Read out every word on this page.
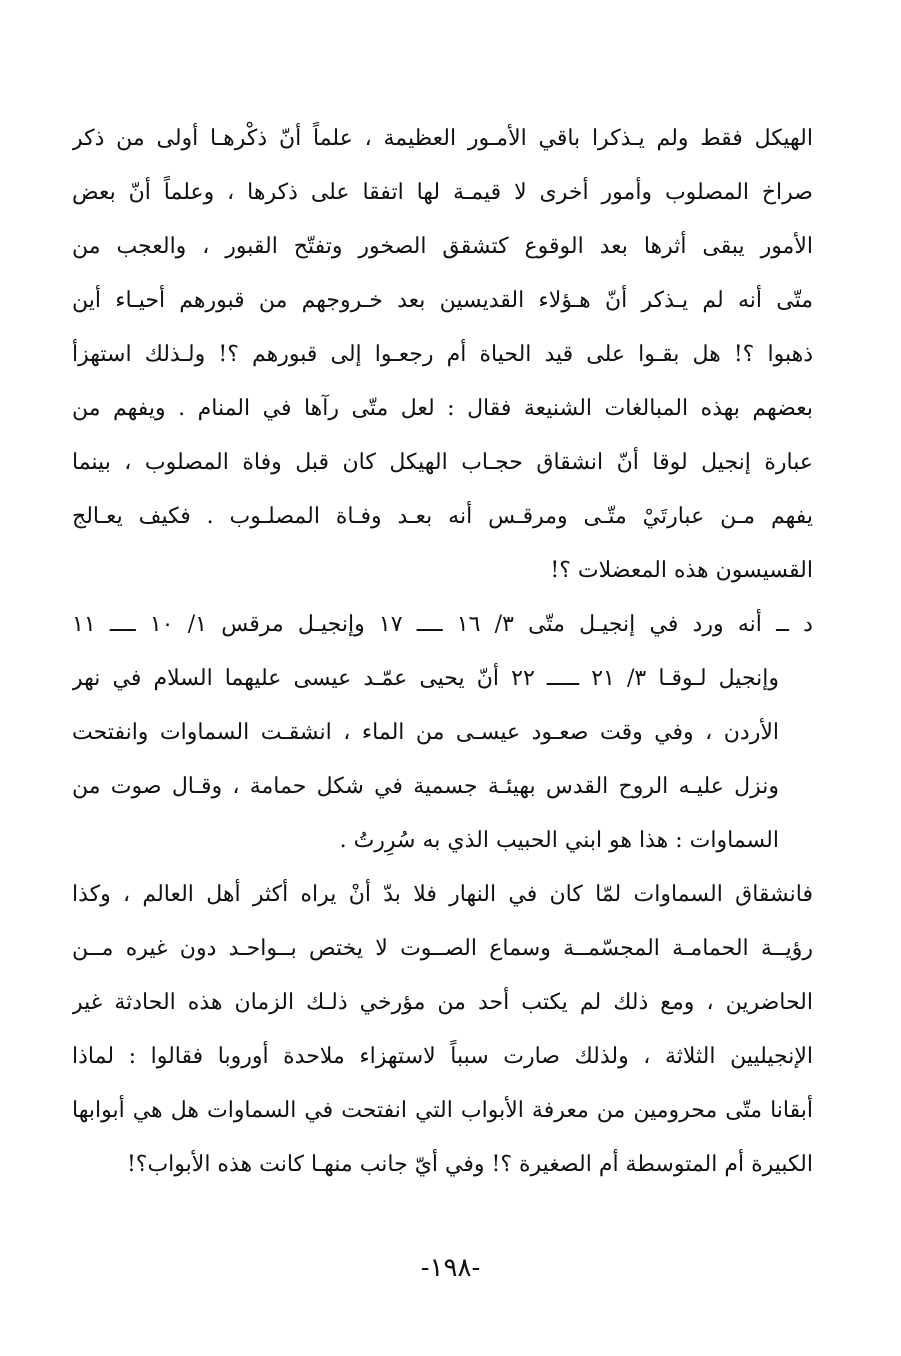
الهيكل فقط ولم يـذكرا باقي الأمـور العظيمة ، علماً أنّ ذكْرهـا أولى من ذكر
صراخ المصلوب وأمور أخرى لا قيمـة لها اتفقا على ذكرها ، وعلماً أنّ بعض
الأمور يبقى أثرها بعد الوقوع كتشقق الصخور وتفتّح القبور ، والعجب من
متّى أنه لم يـذكر أنّ هـؤلاء القديسين بعد خـروجهم من قبورهم أحيـاء أين
ذهبوا ؟! هل بقـوا على قيد الحياة أم رجعـوا إلى قبورهم ؟! ولـذلك استهزأ
بعضهم بهذه المبالغات الشنيعة فقال : لعل متّى رآها في المنام . ويفهم من
عبارة إنجيل لوقا أنّ انشقاق حجـاب الهيكل كان قبل وفاة المصلوب ، بينما
يفهم مـن عبارتَيْ متّـى ومرقـس أنه بعـد وفـاة المصلـوب . فكيف يعـالج
القسيسون هذه المعضلات ؟!
د ــ أنه ورد في إنجيـل متّى ٣/ ١٦ ــــ ١٧ وإنجيـل مرقس ١/ ١٠ ــــ ١١
وإنجيل لـوقـا ٣/ ٢١ ـــــ ٢٢ أنّ يحيى عمّـد عيسى عليهما السلام في نهر
الأردن ، وفي وقت صعـود عيسـى من الماء ، انشقـت السماوات وانفتحت
ونزل عليـه الروح القدس بهيئـة جسمية في شكل حمامة ، وقـال صوت من
السماوات : هذا هو ابني الحبيب الذي به سُرِرتُ .
فانشقاق السماوات لمّا كان في النهار فلا بدّ أنْ يراه أكثر أهل العالم ، وكذا
رؤيــة الحمامـة المجسّمــة وسماع الصــوت لا يختص بــواحـد دون غيره مــن
الحاضرين ، ومع ذلك لم يكتب أحد من مؤرخي ذلـك الزمان هذه الحادثة غير
الإنجيليين الثلاثة ، ولذلك صارت سبباً لاستهزاء ملاحدة أوروبا فقالوا : لماذا
أبقانا متّى محرومين من معرفة الأبواب التي انفتحت في السماوات هل هي أبوابها
الكبيرة أم المتوسطة أم الصغيرة ؟! وفي أيّ جانب منهـا كانت هذه الأبواب؟!
-١٩٨-
